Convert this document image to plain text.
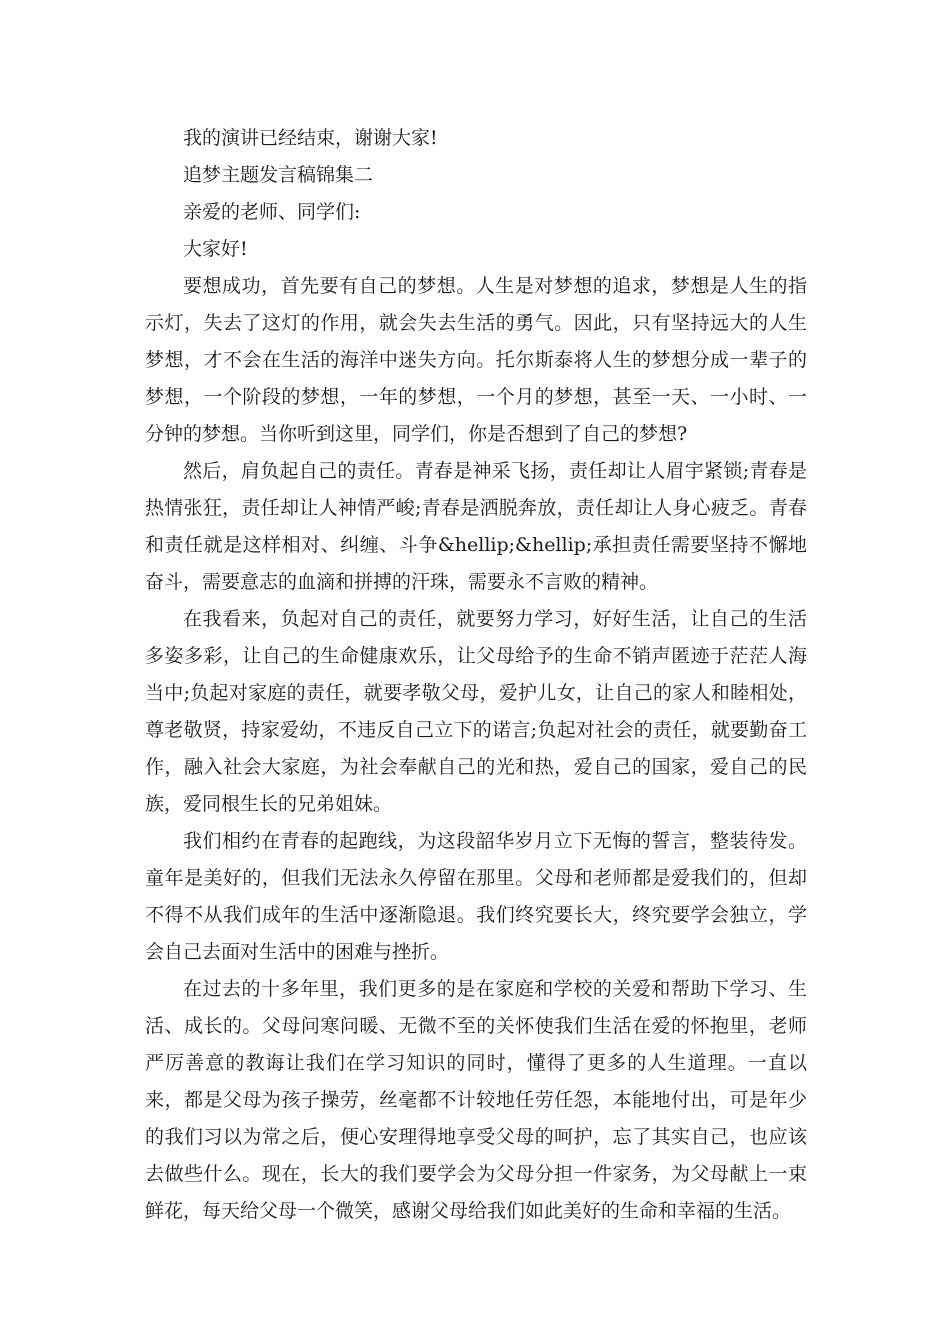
我的演讲已经结束，谢谢大家!

追梦主题发言稿锦集二

亲爱的老师、同学们:

大家好!

要想成功，首先要有自己的梦想。人生是对梦想的追求，梦想是人生的指示灯，失去了这灯的作用，就会失去生活的勇气。因此，只有坚持远大的人生梦想，才不会在生活的海洋中迷失方向。托尔斯泰将人生的梦想分成一辈子的梦想，一个阶段的梦想，一年的梦想，一个月的梦想，甚至一天、一小时、一分钟的梦想。当你听到这里，同学们，你是否想到了自己的梦想?

然后，肩负起自己的责任。青春是神采飞扬，责任却让人眉宇紧锁;青春是热情张狂，责任却让人神情严峻;青春是洒脱奔放，责任却让人身心疲乏。青春和责任就是这样相对、纠缠、斗争&hellip;&hellip;承担责任需要坚持不懈地奋斗，需要意志的血滴和拼搏的汗珠，需要永不言败的精神。

在我看来，负起对自己的责任，就要努力学习，好好生活，让自己的生活多姿多彩，让自己的生命健康欢乐，让父母给予的生命不销声匿迹于茫茫人海当中;负起对家庭的责任，就要孝敬父母，爱护儿女，让自己的家人和睦相处，尊老敬贤，持家爱幼，不违反自己立下的诺言;负起对社会的责任，就要勤奋工作，融入社会大家庭，为社会奉献自己的光和热，爱自己的国家，爱自己的民族，爱同根生长的兄弟姐妹。

我们相约在青春的起跑线，为这段韶华岁月立下无悔的誓言，整装待发。童年是美好的，但我们无法永久停留在那里。父母和老师都是爱我们的，但却不得不从我们成年的生活中逐渐隐退。我们终究要长大，终究要学会独立，学会自己去面对生活中的困难与挫折。

在过去的十多年里，我们更多的是在家庭和学校的关爱和帮助下学习、生活、成长的。父母问寒问暖、无微不至的关怀使我们生活在爱的怀抱里，老师严厉善意的教诲让我们在学习知识的同时，懂得了更多的人生道理。一直以来，都是父母为孩子操劳，丝毫都不计较地任劳任怨，本能地付出，可是年少的我们习以为常之后，便心安理得地享受父母的呵护，忘了其实自己，也应该去做些什么。现在，长大的我们要学会为父母分担一件家务，为父母献上一束鲜花，每天给父母一个微笑，感谢父母给我们如此美好的生命和幸福的生活。
